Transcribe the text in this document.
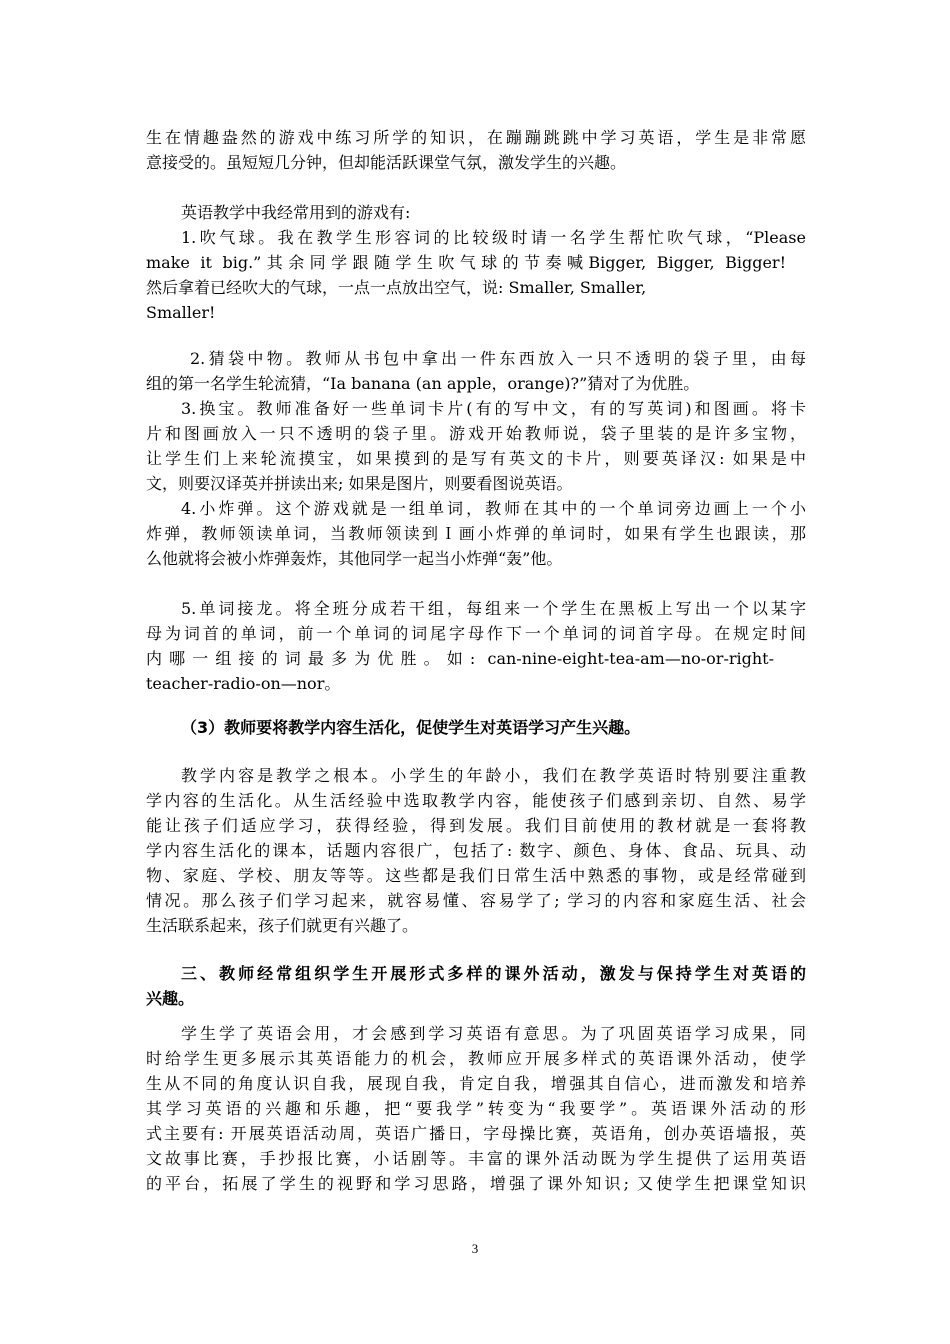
生在情趣盎然的游戏中练习所学的知识，在蹦蹦跳跳中学习英语，学生是非常愿
意接受的。虽短短几分钟，但却能活跃课堂气氛，激发学生的兴趣。
英语教学中我经常用到的游戏有:
1.吹气球。我在教学生形容词的比较级时请一名学生帮忙吹气球，“Please
make it big.”其余同学跟随学生吹气球的节奏喊Bigger, Bigger, Bigger!
然后拿着已经吹大的气球，一点一点放出空气，说: Smaller, Smaller,
Smaller!
2.猜袋中物。教师从书包中拿出一件东西放入一只不透明的袋子里，由每
组的第一名学生轮流猜，“Ia banana (an apple，orange)?”猜对了为优胜。
3.换宝。教师准备好一些单词卡片(有的写中文，有的写英词)和图画。将卡
片和图画放入一只不透明的袋子里。游戏开始教师说，袋子里装的是许多宝物，
让学生们上来轮流摸宝，如果摸到的是写有英文的卡片，则要英译汉: 如果是中
文，则要汉译英并拼读出来; 如果是图片，则要看图说英语。
4.小炸弹。这个游戏就是一组单词，教师在其中的一个单词旁边画上一个小
炸弹，教师领读单词，当教师领读到Ｉ画小炸弹的单词时，如果有学生也跟读，那
么他就将会被小炸弹轰炸，其他同学一起当小炸弹“轰”他。
5.单词接龙。将全班分成若干组，每组来一个学生在黑板上写出一个以某字
母为词首的单词，前一个单词的词尾字母作下一个单词的词首字母。在规定时间
内哪一组接的词最多为优胜。如: can-nine-eight-tea-am—no-or-right-
teacher-radio-on—nor。
（3）教师要将教学内容生活化，促使学生对英语学习产生兴趣。
教学内容是教学之根本。小学生的年龄小，我们在教学英语时特别要注重教
学内容的生活化。从生活经验中选取教学内容，能使孩子们感到亲切、自然、易学
能让孩子们适应学习，获得经验，得到发展。我们目前使用的教材就是一套将教
学内容生活化的课本，话题内容很广，包括了: 数字、颜色、身体、食品、玩具、动
物、家庭、学校、朋友等等。这些都是我们日常生活中熟悉的事物，或是经常碰到
情况。那么孩子们学习起来，就容易懂、容易学了; 学习的内容和家庭生活、社会
生活联系起来，孩子们就更有兴趣了。
三、教师经常组织学生开展形式多样的课外活动，激发与保持学生对英语的
兴趣。
学生学了英语会用，才会感到学习英语有意思。为了巩固英语学习成果，同
时给学生更多展示其英语能力的机会，教师应开展多样式的英语课外活动，使学
生从不同的角度认识自我，展现自我，肯定自我，增强其自信心，进而激发和培养
其学习英语的兴趣和乐趣，把“要我学”转变为“我要学”。英语课外活动的形
式主要有: 开展英语活动周，英语广播日，字母操比赛，英语角，创办英语墙报，英
文故事比赛，手抄报比赛，小话剧等。丰富的课外活动既为学生提供了运用英语
的平台，拓展了学生的视野和学习思路，增强了课外知识; 又使学生把课堂知识
3
